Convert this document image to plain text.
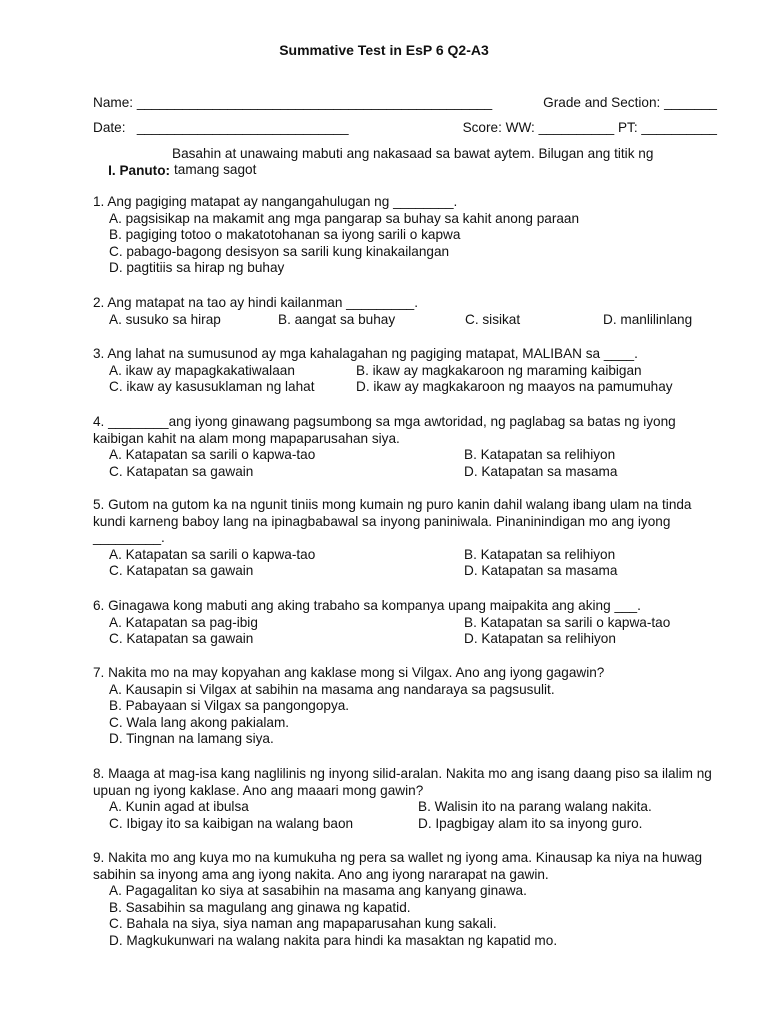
Summative Test in EsP 6 Q2-A3
Name: _______________________________________________	Grade and Section: _______
Date:   ____________________________	Score: WW: __________ PT: __________

I. Panuto:

Basahin at unawaing mabuti ang nakasaad sa bawat aytem. Bilugan ang titik ng
tamang sagot
1. Ang pagiging matapat ay nangangahulugan ng ________.
A. pagsisikap na makamit ang mga pangarap sa buhay sa kahit anong paraan
B. pagiging totoo o makatotohanan sa iyong sarili o kapwa
C. pabago-bagong desisyon sa sarili kung kinakailangan
D. pagtitiis sa hirap ng buhay
2. Ang matapat na tao ay hindi kailanman _________.
A. susuko sa hirap	B. aangat sa buhay	C. sisikat	D. manlilinlang
3. Ang lahat na sumusunod ay mga kahalagahan ng pagiging matapat, MALIBAN sa ____.
A. ikaw ay mapagkakatiwalaan	B. ikaw ay magkakaroon ng maraming kaibigan
C. ikaw ay kasusuklaman ng lahat	D. ikaw ay magkakaroon ng maayos na pamumuhay
4. ________ang iyong ginawang pagsumbong sa mga awtoridad, ng paglabag sa batas ng iyong kaibigan kahit na alam mong mapaparusahan siya.
A. Katapatan sa sarili o kapwa-tao	B. Katapatan sa relihiyon
C. Katapatan sa gawain	D. Katapatan sa masama
5. Gutom na gutom ka na ngunit tiniis mong kumain ng puro kanin dahil walang ibang ulam na tinda kundi karneng baboy lang na ipinagbabawal sa inyong paniniwala. Pinaninindigan mo ang iyong _________.
A. Katapatan sa sarili o kapwa-tao	B. Katapatan sa relihiyon
C. Katapatan sa gawain	D. Katapatan sa masama
6. Ginagawa kong mabuti ang aking trabaho sa kompanya upang maipakita ang aking ___.
A. Katapatan sa pag-ibig	B. Katapatan sa sarili o kapwa-tao
C. Katapatan sa gawain	D. Katapatan sa relihiyon
7. Nakita mo na may kopyahan ang kaklase mong si Vilgax. Ano ang iyong gagawin?
A. Kausapin si Vilgax at sabihin na masama ang nandaraya sa pagsusulit.
B. Pabayaan si Vilgax sa pangongopya.
C. Wala lang akong pakialam.
D. Tingnan na lamang siya.
8. Maaga at mag-isa kang naglilinis ng inyong silid-aralan. Nakita mo ang isang daang piso sa ilalim ng upuan ng iyong kaklase. Ano ang maaari mong gawin?
A. Kunin agad at ibulsa	B. Walisin ito na parang walang nakita.
C. Ibigay ito sa kaibigan na walang baon	D. Ipagbigay alam ito sa inyong guro.
9. Nakita mo ang kuya mo na kumukuha ng pera sa wallet ng iyong ama. Kinausap ka niya na huwag sabihin sa inyong ama ang iyong nakita. Ano ang iyong nararapat na gawin.
A. Pagagalitan ko siya at sasabihin na masama ang kanyang ginawa.
B. Sasabihin sa magulang ang ginawa ng kapatid.
C. Bahala na siya, siya naman ang mapaparusahan kung sakali.
D. Magkukunwari na walang nakita para hindi ka masaktan ng kapatid mo.
